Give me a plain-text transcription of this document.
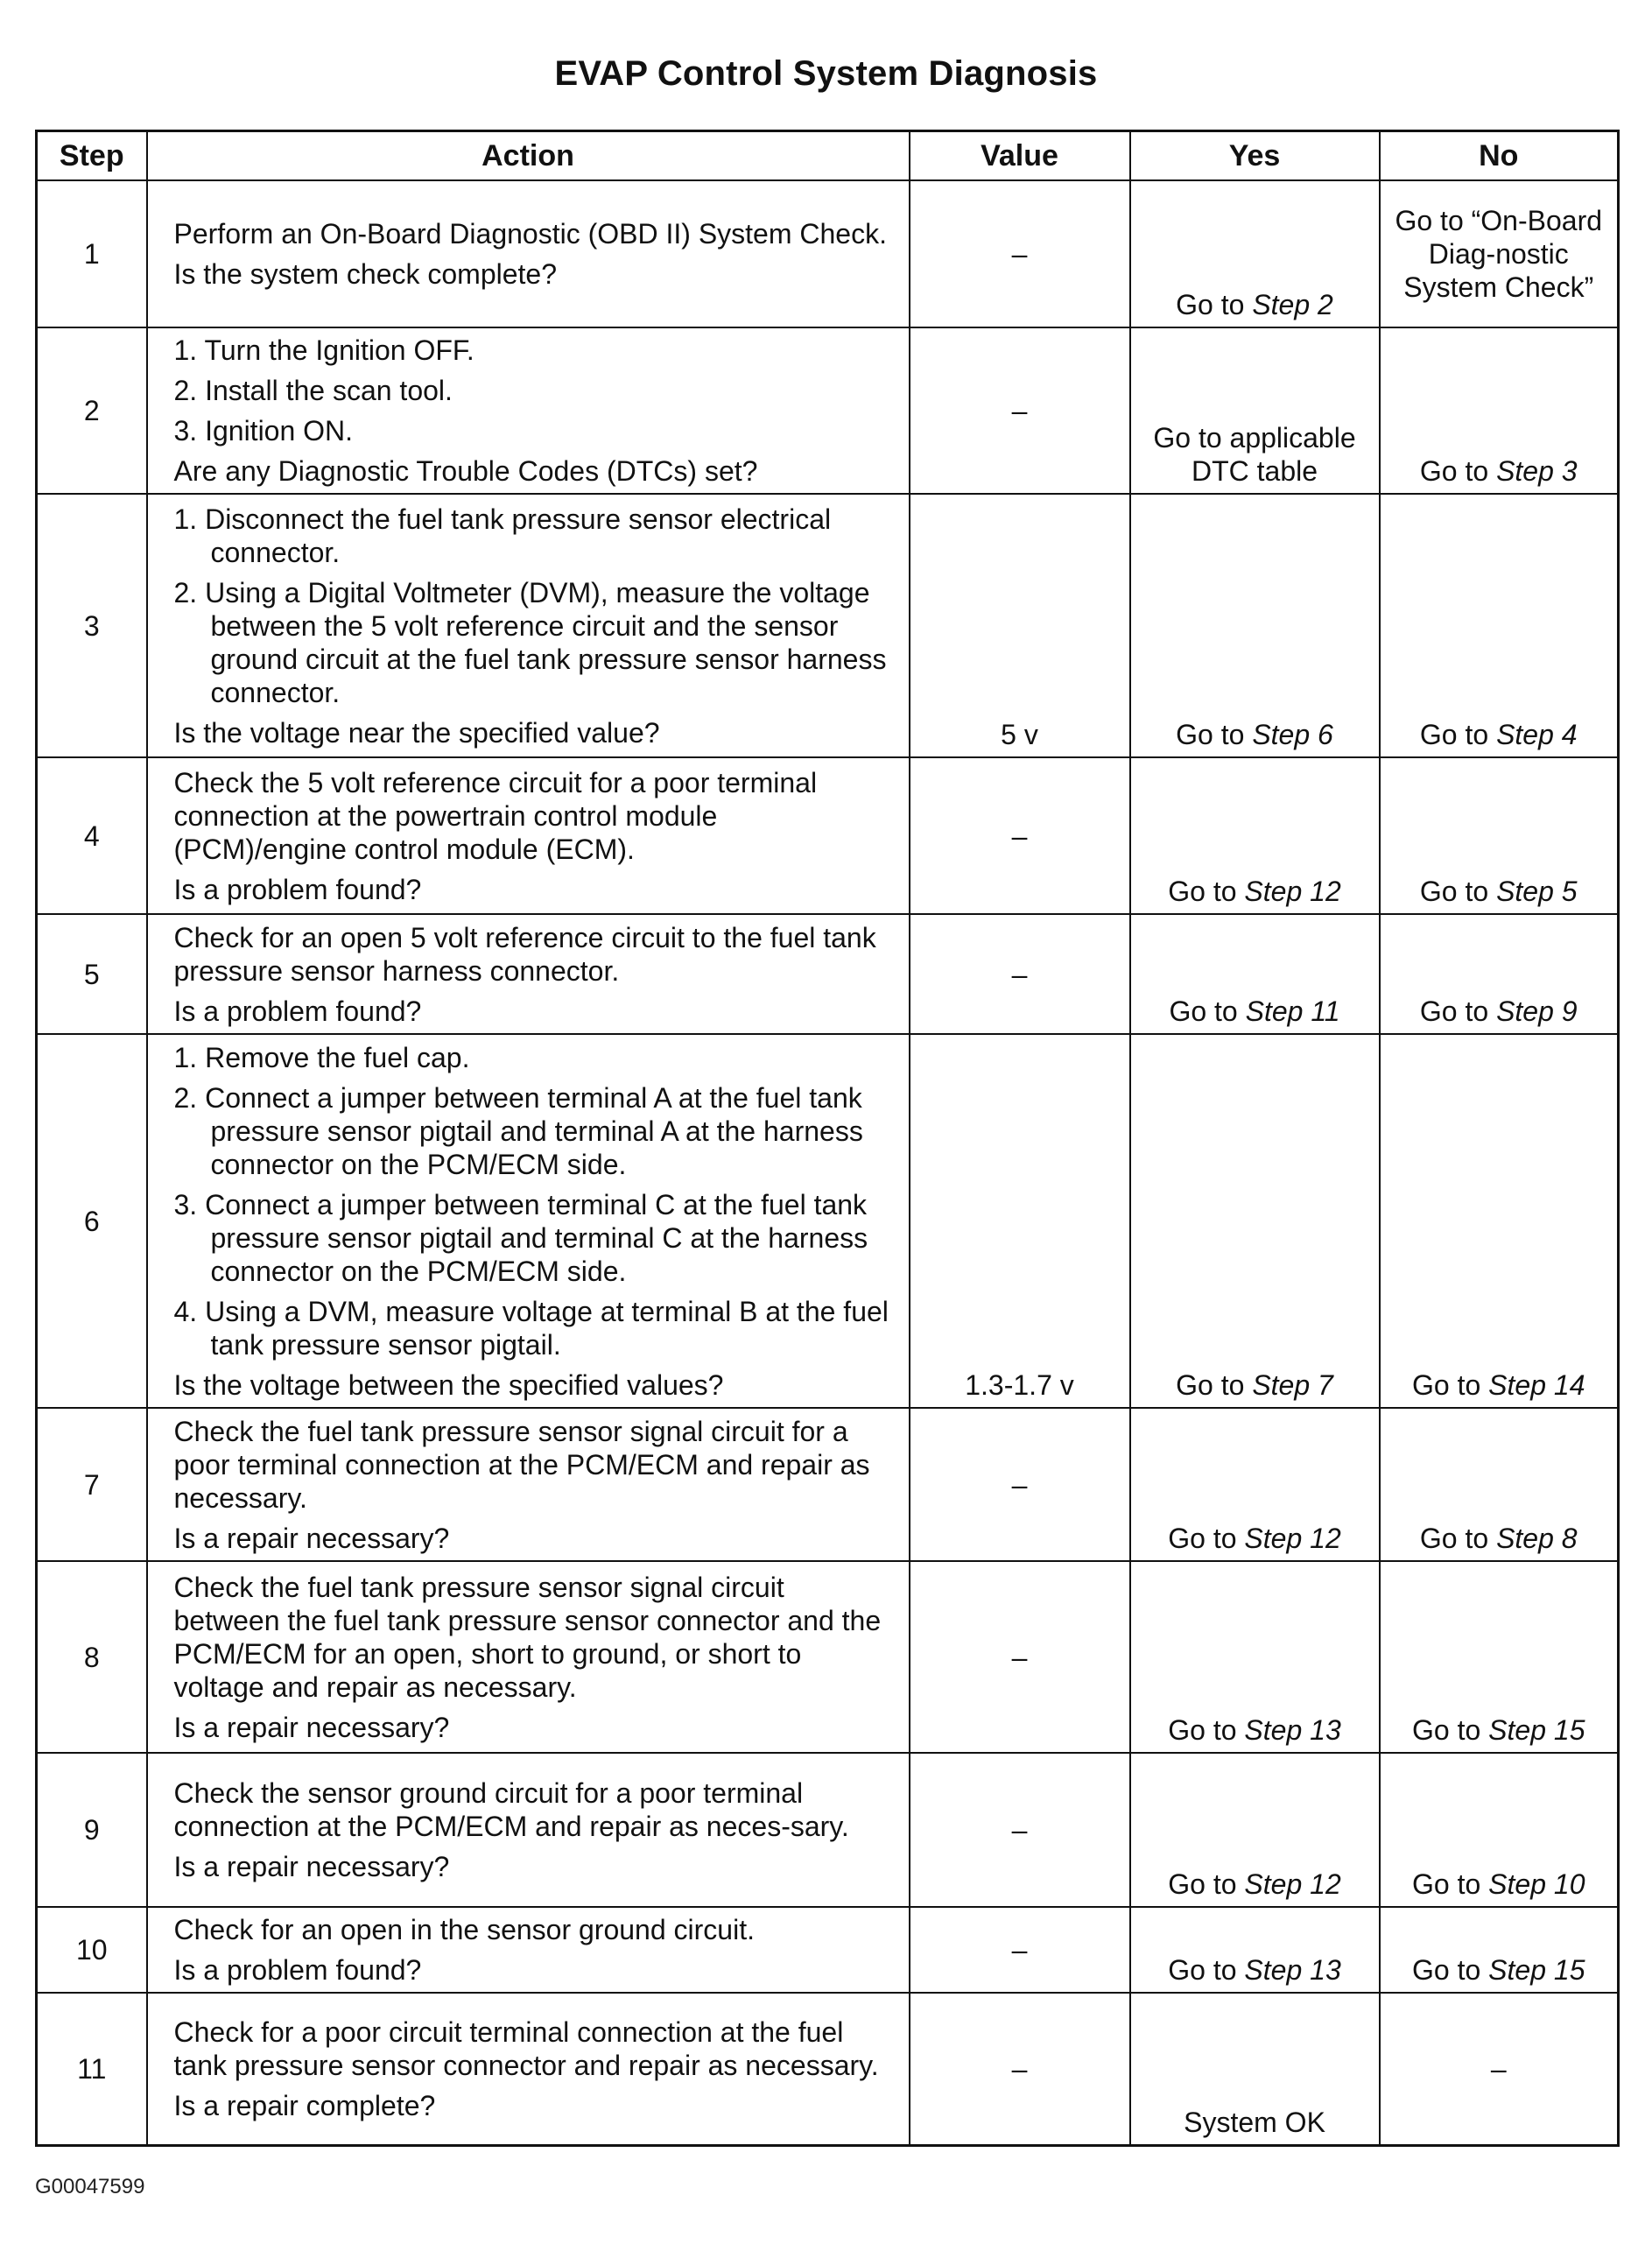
EVAP Control System Diagnosis
Step	Action	Value	Yes	No
1	Perform an On-Board Diagnostic (OBD II) System Check.

Is the system check complete?	–	Go to Step 2	Go to “On-Board Diag-nostic System Check”
2	1. Turn the Ignition OFF.

2. Install the scan tool.

3. Ignition ON.

Are any Diagnostic Trouble Codes (DTCs) set?	–	Go to applicable DTC table	Go to Step 3
3	1. Disconnect the fuel tank pressure sensor electrical connector.

2. Using a Digital Voltmeter (DVM), measure the voltage between the 5 volt reference circuit and the sensor ground circuit at the fuel tank pressure sensor harness connector.

Is the voltage near the specified value?	5 v	Go to Step 6	Go to Step 4
4	Check the 5 volt reference circuit for a poor terminal connection at the powertrain control module (PCM)/engine control module (ECM).

Is a problem found?	–	Go to Step 12	Go to Step 5
5	Check for an open 5 volt reference circuit to the fuel tank pressure sensor harness connector.

Is a problem found?	–	Go to Step 11	Go to Step 9
6	1. Remove the fuel cap.

2. Connect a jumper between terminal A at the fuel tank pressure sensor pigtail and terminal A at the harness connector on the PCM/ECM side.

3. Connect a jumper between terminal C at the fuel tank pressure sensor pigtail and terminal C at the harness connector on the PCM/ECM side.

4. Using a DVM, measure voltage at terminal B at the fuel tank pressure sensor pigtail.

Is the voltage between the specified values?	1.3-1.7 v	Go to Step 7	Go to Step 14
7	Check the fuel tank pressure sensor signal circuit for a poor terminal connection at the PCM/ECM and repair as necessary.

Is a repair necessary?	–	Go to Step 12	Go to Step 8
8	Check the fuel tank pressure sensor signal circuit between the fuel tank pressure sensor connector and the PCM/ECM for an open, short to ground, or short to voltage and repair as necessary.

Is a repair necessary?	–	Go to Step 13	Go to Step 15
9	Check the sensor ground circuit for a poor terminal connection at the PCM/ECM and repair as neces-sary.

Is a repair necessary?	–	Go to Step 12	Go to Step 10
10	Check for an open in the sensor ground circuit.

Is a problem found?	–	Go to Step 13	Go to Step 15
11	Check for a poor circuit terminal connection at the fuel tank pressure sensor connector and repair as necessary.

Is a repair complete?	–	System OK	–
G00047599
